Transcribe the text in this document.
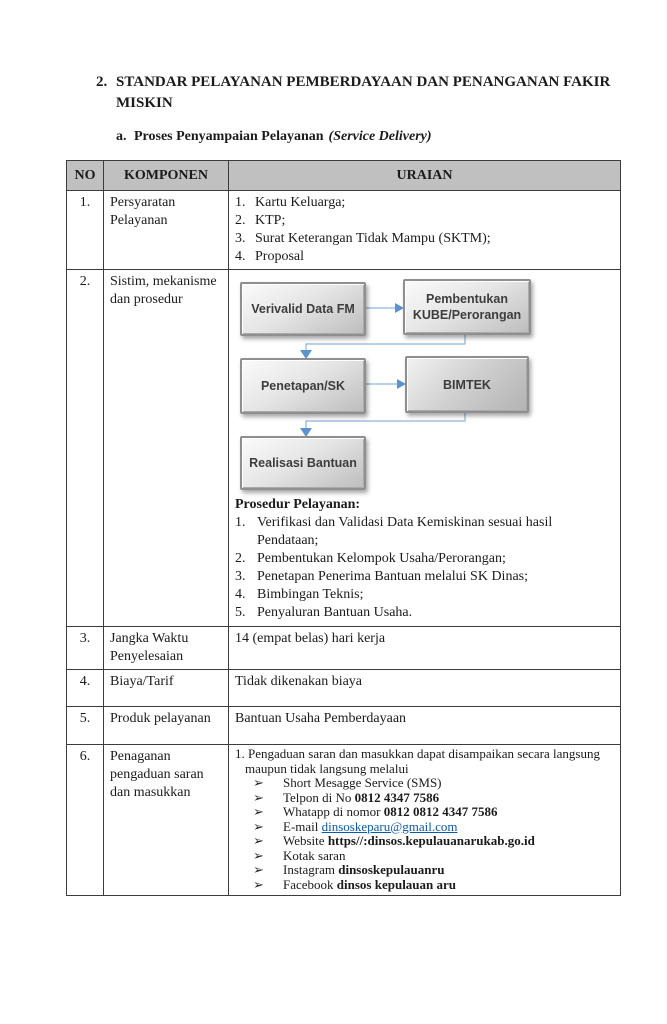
2. STANDAR PELAYANAN PEMBERDAYAAN DAN PENANGANAN FAKIR
MISKIN
a. Proses Penyampaian Pelayanan (Service Delivery)
NO	KOMPONEN	URAIAN
1.	Persyaratan Pelayanan	
1. Kartu Keluarga;
2. KTP;
3. Surat Keterangan Tidak Mampu (SKTM);
4. Proposal

2.	Sistim, mekanisme dan prosedur	
Verivalid Data FM
Pembentukan
KUBE/Perorangan
Penetapan/SK	BIMTEK
Realisasi Bantuan
Prosedur Pelayanan:
1. Verifikasi dan Validasi Data Kemiskinan sesuai hasil Pendataan;
2. Pembentukan Kelompok Usaha/Perorangan;
3. Penetapan Penerima Bantuan melalui SK Dinas;
4. Bimbingan Teknis;
5. Penyaluran Bantuan Usaha.

3.	Jangka Waktu Penyelesaian	14 (empat belas) hari kerja
4.	Biaya/Tarif	Tidak dikenakan biaya
5.	Produk pelayanan	Bantuan Usaha Pemberdayaan
6.	Penaganan pengaduan saran dan masukkan	
1. Pengaduan saran dan masukkan dapat disampaikan secara langsung
maupun tidak langsung melalui
➢ Short Mesagge Service (SMS)
➢ Telpon di No 0812 4347 7586
➢ Whatapp di nomor 0812 0812 4347 7586
➢ E-mail dinsoskeparu@gmail.com
➢ Website https//:dinsos.kepulauanarukab.go.id
➢ Kotak saran
➢ Instagram dinsoskepulauanru
➢ Facebook dinsos kepulauan aru
